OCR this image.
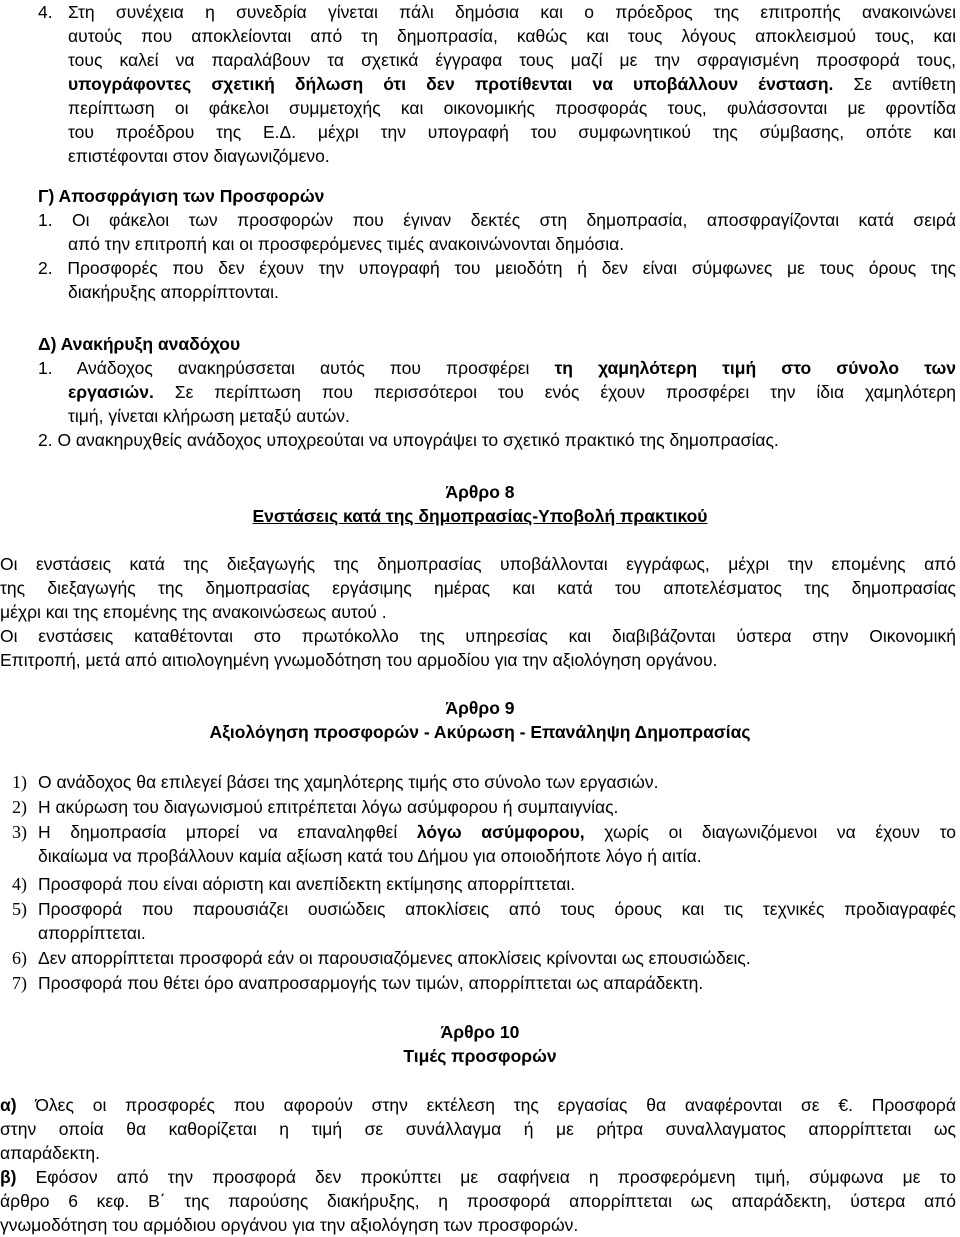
4. Στη συνέχεια η συνεδρία γίνεται πάλι δημόσια και ο πρόεδρος της επιτροπής ανακοινώνει
αυτούς που αποκλείονται από τη δημοπρασία, καθώς και τους λόγους αποκλεισμού τους, και
τους καλεί να παραλάβουν τα σχετικά έγγραφα τους μαζί με την σφραγισμένη προσφορά τους,
υπογράφοντες σχετική δήλωση ότι δεν προτίθενται να υποβάλλουν ένσταση. Σε αντίθετη
περίπτωση οι φάκελοι συμμετοχής και οικονομικής προσφοράς τους, φυλάσσονται με φροντίδα
του προέδρου της Ε.Δ. μέχρι την υπογραφή του συμφωνητικού της σύμβασης, οπότε και
επιστέφονται στον διαγωνιζόμενο.
Γ) Αποσφράγιση των Προσφορών
1. Οι φάκελοι των προσφορών που έγιναν δεκτές στη δημοπρασία, αποσφραγίζονται κατά σειρά
από την επιτροπή και οι προσφερόμενες τιμές ανακοινώνονται δημόσια.
2. Προσφορές που δεν έχουν την υπογραφή του μειοδότη ή δεν είναι σύμφωνες με τους όρους της
διακήρυξης απορρίπτονται.
Δ) Ανακήρυξη αναδόχου
1. Ανάδοχος ανακηρύσσεται αυτός που προσφέρει τη χαμηλότερη τιμή στο σύνολο των
εργασιών. Σε περίπτωση που περισσότεροι του ενός έχουν προσφέρει την ίδια χαμηλότερη
τιμή, γίνεται κλήρωση μεταξύ αυτών.
2. Ο ανακηρυχθείς ανάδοχος υποχρεούται να υπογράψει το σχετικό πρακτικό της δημοπρασίας.
Άρθρο 8
Ενστάσεις κατά της δημοπρασίας-Υποβολή πρακτικού
Οι ενστάσεις κατά της διεξαγωγής της δημοπρασίας υποβάλλονται εγγράφως, μέχρι την επομένης από
της διεξαγωγής της δημοπρασίας εργάσιμης ημέρας και κατά του αποτελέσματος της δημοπρασίας
μέχρι και της επομένης της ανακοινώσεως αυτού .
Οι ενστάσεις καταθέτονται στο πρωτόκολλο της υπηρεσίας και διαβιβάζονται ύστερα στην Οικονομική
Επιτροπή, μετά από αιτιολογημένη γνωμοδότηση του αρμοδίου για την αξιολόγηση οργάνου.
Άρθρο 9
Αξιολόγηση προσφορών - Ακύρωση - Επανάληψη Δημοπρασίας
1) Ο ανάδοχος θα επιλεγεί βάσει της χαμηλότερης τιμής στο σύνολο των εργασιών.
2) Η ακύρωση του διαγωνισμού επιτρέπεται λόγω ασύμφορου ή συμπαιγνίας.
3) Η δημοπρασία μπορεί να επαναληφθεί λόγω ασύμφορου, χωρίς οι διαγωνιζόμενοι να έχουν το
δικαίωμα να προβάλλουν καμία αξίωση κατά του Δήμου για οποιοδήποτε λόγο ή αιτία.
4) Προσφορά που είναι αόριστη και ανεπίδεκτη εκτίμησης απορρίπτεται.
5) Προσφορά που παρουσιάζει ουσιώδεις αποκλίσεις από τους όρους και τις τεχνικές προδιαγραφές
απορρίπτεται.
6) Δεν απορρίπτεται προσφορά εάν οι παρουσιαζόμενες αποκλίσεις κρίνονται ως επουσιώδεις.
7) Προσφορά που θέτει όρο αναπροσαρμογής των τιμών, απορρίπτεται ως απαράδεκτη.
Άρθρο 10
Τιμές προσφορών
α) Όλες οι προσφορές που αφορούν στην εκτέλεση της εργασίας θα αναφέρονται σε €. Προσφορά
στην οποία θα καθορίζεται η τιμή σε συνάλλαγμα ή με ρήτρα συναλλαγματος απορρίπτεται ως
απαράδεκτη.
β) Εφόσον από την προσφορά δεν προκύπτει με σαφήνεια η προσφερόμενη τιμή, σύμφωνα με το
άρθρο 6 κεφ. Β΄ της παρούσης διακήρυξης, η προσφορά απορρίπτεται ως απαράδεκτη, ύστερα από
γνωμοδότηση του αρμόδιου οργάνου για την αξιολόγηση των προσφορών.
